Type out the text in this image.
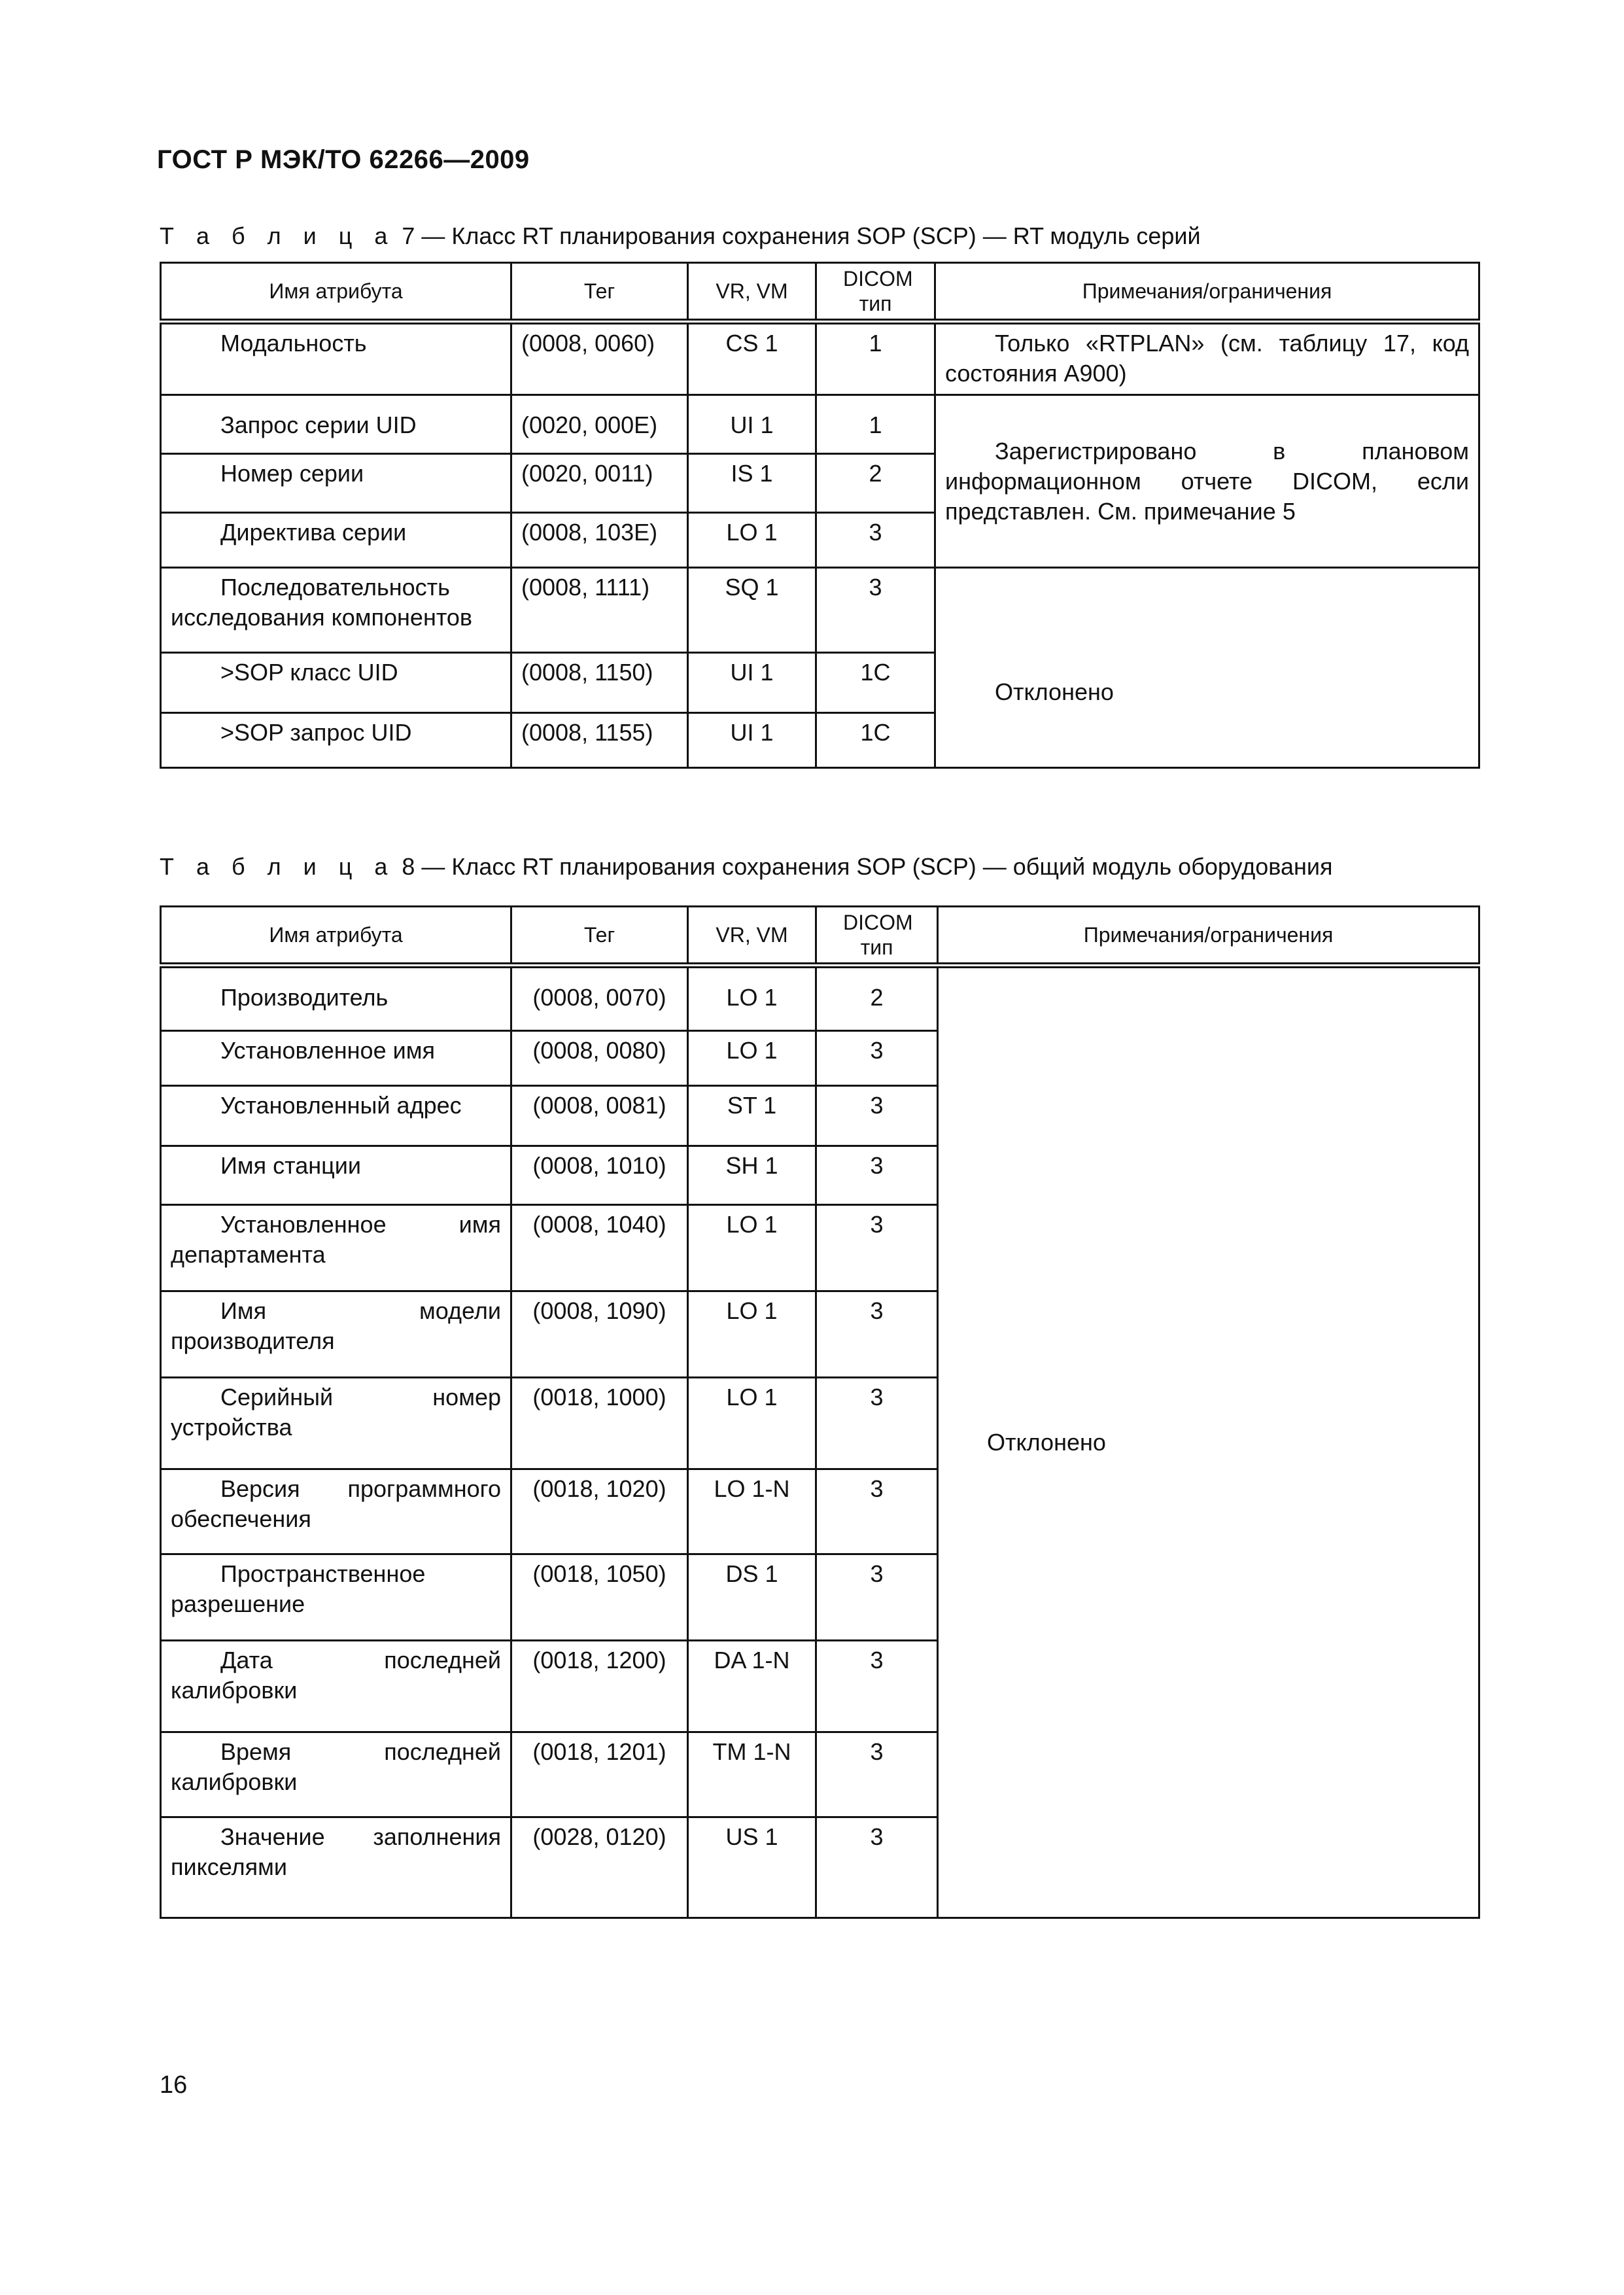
ГОСТ Р МЭК/ТО 62266—2009
Т а б л и ц а 7 — Класс RT планирования сохранения SOP (SCP) — RT модуль серий
Имя атрибута	Тег	VR, VM	DICOM тип	Примечания/ограничения
Модальность	(0008, 0060)	CS 1	1	Только «RTPLAN» (см. таблицу 17, код состояния A900)
Запрос серии UID	(0020, 000E)	UI 1	1	Зарегистрировано в плановом информационном отчете DICOM, если представлен. См. примечание 5
Номер серии	(0020, 0011)	IS 1	2	
Директива серии	(0008, 103E)	LO 1	3	
Последовательность исследования компонентов	(0008, 1111)	SQ 1	3	Отклонено
>SOP класс UID	(0008, 1150)	UI 1	1C	
>SOP запрос UID	(0008, 1155)	UI 1	1C	
Т а б л и ц а 8 — Класс RT планирования сохранения SOP (SCP) — общий модуль оборудования
Имя атрибута	Тег	VR, VM	DICOM тип	Примечания/ограничения
Производитель	(0008, 0070)	LO 1	2	Отклонено
Установленное имя	(0008, 0080)	LO 1	3	
Установленный адрес	(0008, 0081)	ST 1	3	
Имя станции	(0008, 1010)	SH 1	3	
Установленное имя департамента	(0008, 1040)	LO 1	3	
Имя модели производителя	(0008, 1090)	LO 1	3	
Серийный номер устройства	(0018, 1000)	LO 1	3	
Версия программного обеспечения	(0018, 1020)	LO 1-N	3	
Пространственное разрешение	(0018, 1050)	DS 1	3	
Дата последней калибровки	(0018, 1200)	DA 1-N	3	
Время последней калибровки	(0018, 1201)	TM 1-N	3	
Значение заполнения пикселями	(0028, 0120)	US 1	3	
16
